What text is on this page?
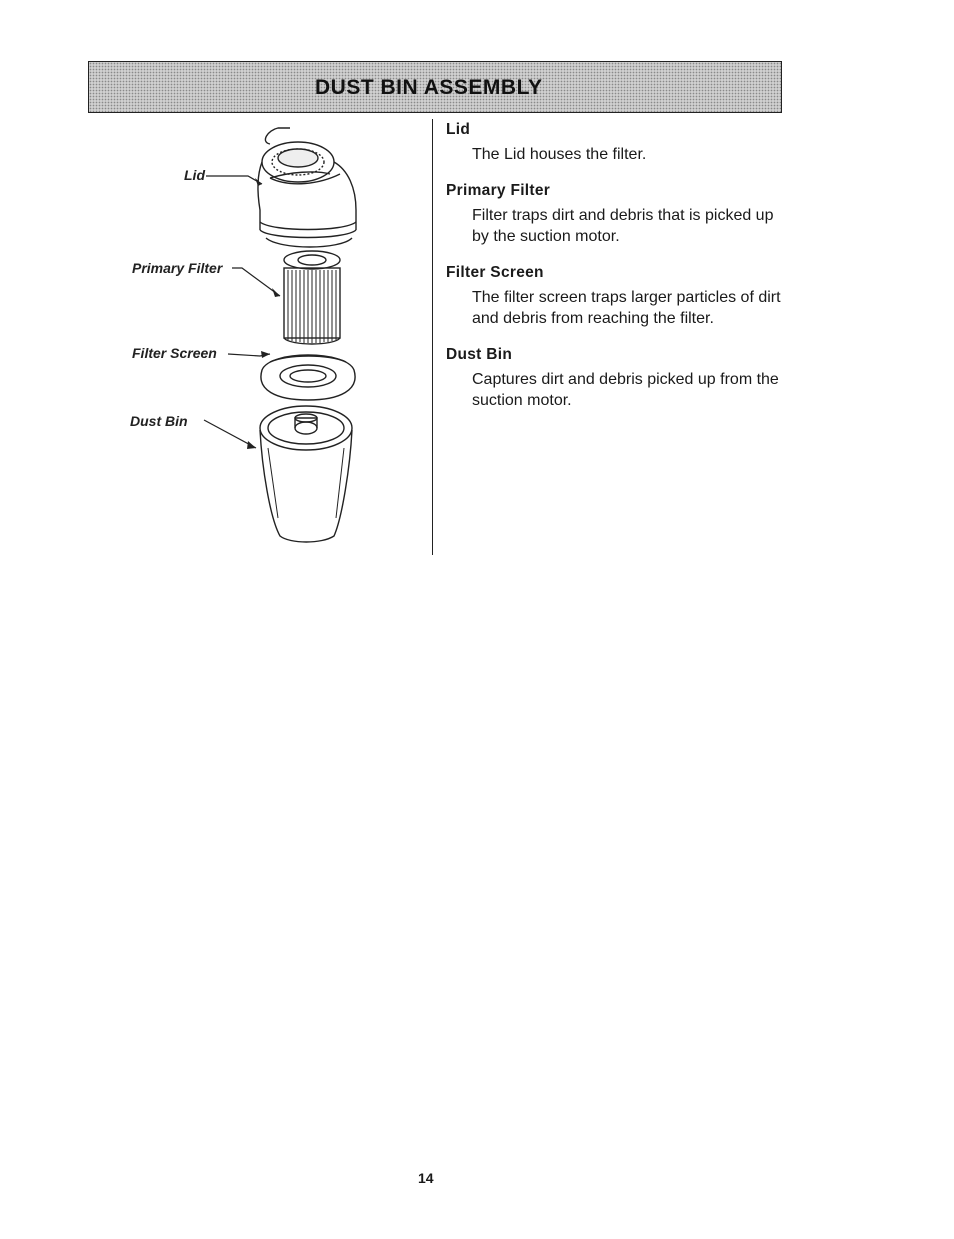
DUST BIN ASSEMBLY
Lid
Primary Filter
Filter Screen
Dust Bin
Lid
The Lid houses the filter.
Primary Filter
Filter traps dirt and debris that is picked up by the suction motor.
Filter Screen
The filter screen traps larger particles of dirt and debris from reaching the filter.
Dust Bin
Captures dirt and debris picked up from the suction motor.
14
